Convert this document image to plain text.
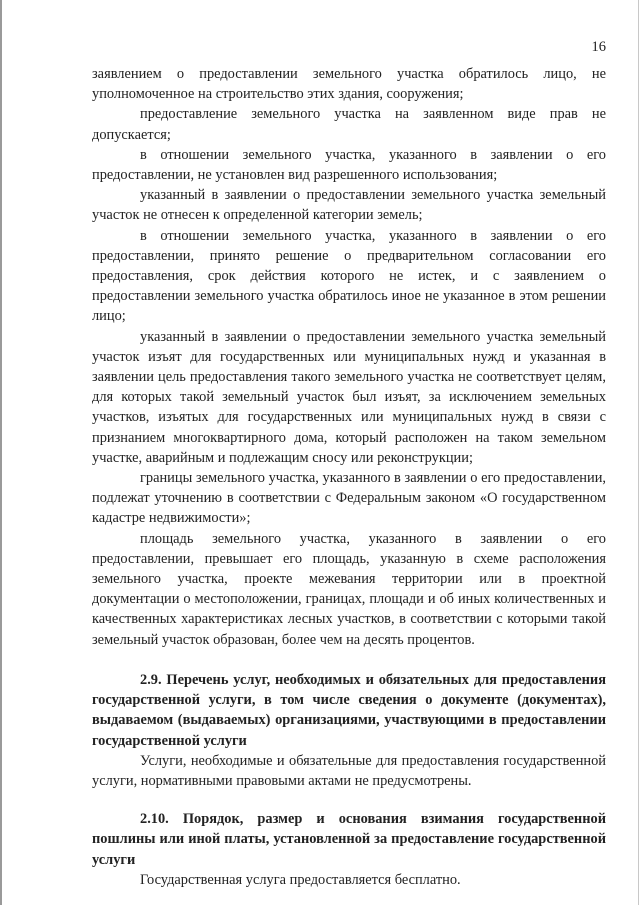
16

заявлением о предоставлении земельного участка обратилось лицо, не уполномоченное на строительство этих здания, сооружения;

предоставление земельного участка на заявленном виде прав не допускается;

в отношении земельного участка, указанного в заявлении о его предоставлении, не установлен вид разрешенного использования;

указанный в заявлении о предоставлении земельного участка земельный участок не отнесен к определенной категории земель;

в отношении земельного участка, указанного в заявлении о его предоставлении, принято решение о предварительном согласовании его предоставления, срок действия которого не истек, и с заявлением о предоставлении земельного участка обратилось иное не указанное в этом решении лицо;

указанный в заявлении о предоставлении земельного участка земельный участок изъят для государственных или муниципальных нужд и указанная в заявлении цель предоставления такого земельного участка не соответствует целям, для которых такой земельный участок был изъят, за исключением земельных участков, изъятых для государственных или муниципальных нужд в связи с признанием многоквартирного дома, который расположен на таком земельном участке, аварийным и подлежащим сносу или реконструкции;

границы земельного участка, указанного в заявлении о его предоставлении, подлежат уточнению в соответствии с Федеральным законом «О государственном кадастре недвижимости»;

площадь земельного участка, указанного в заявлении о его предоставлении, превышает его площадь, указанную в схеме расположения земельного участка, проекте межевания территории или в проектной документации о местоположении, границах, площади и об иных количественных и качественных характеристиках лесных участков, в соответствии с которыми такой земельный участок образован, более чем на десять процентов.

2.9. Перечень услуг, необходимых и обязательных для предоставления государственной услуги, в том числе сведения о документе (документах), выдаваемом (выдаваемых) организациями, участвующими в предоставлении государственной услуги

Услуги, необходимые и обязательные для предоставления государственной услуги, нормативными правовыми актами не предусмотрены.

2.10. Порядок, размер и основания взимания государственной пошлины или иной платы, установленной за предоставление государственной услуги

Государственная услуга предоставляется бесплатно.
